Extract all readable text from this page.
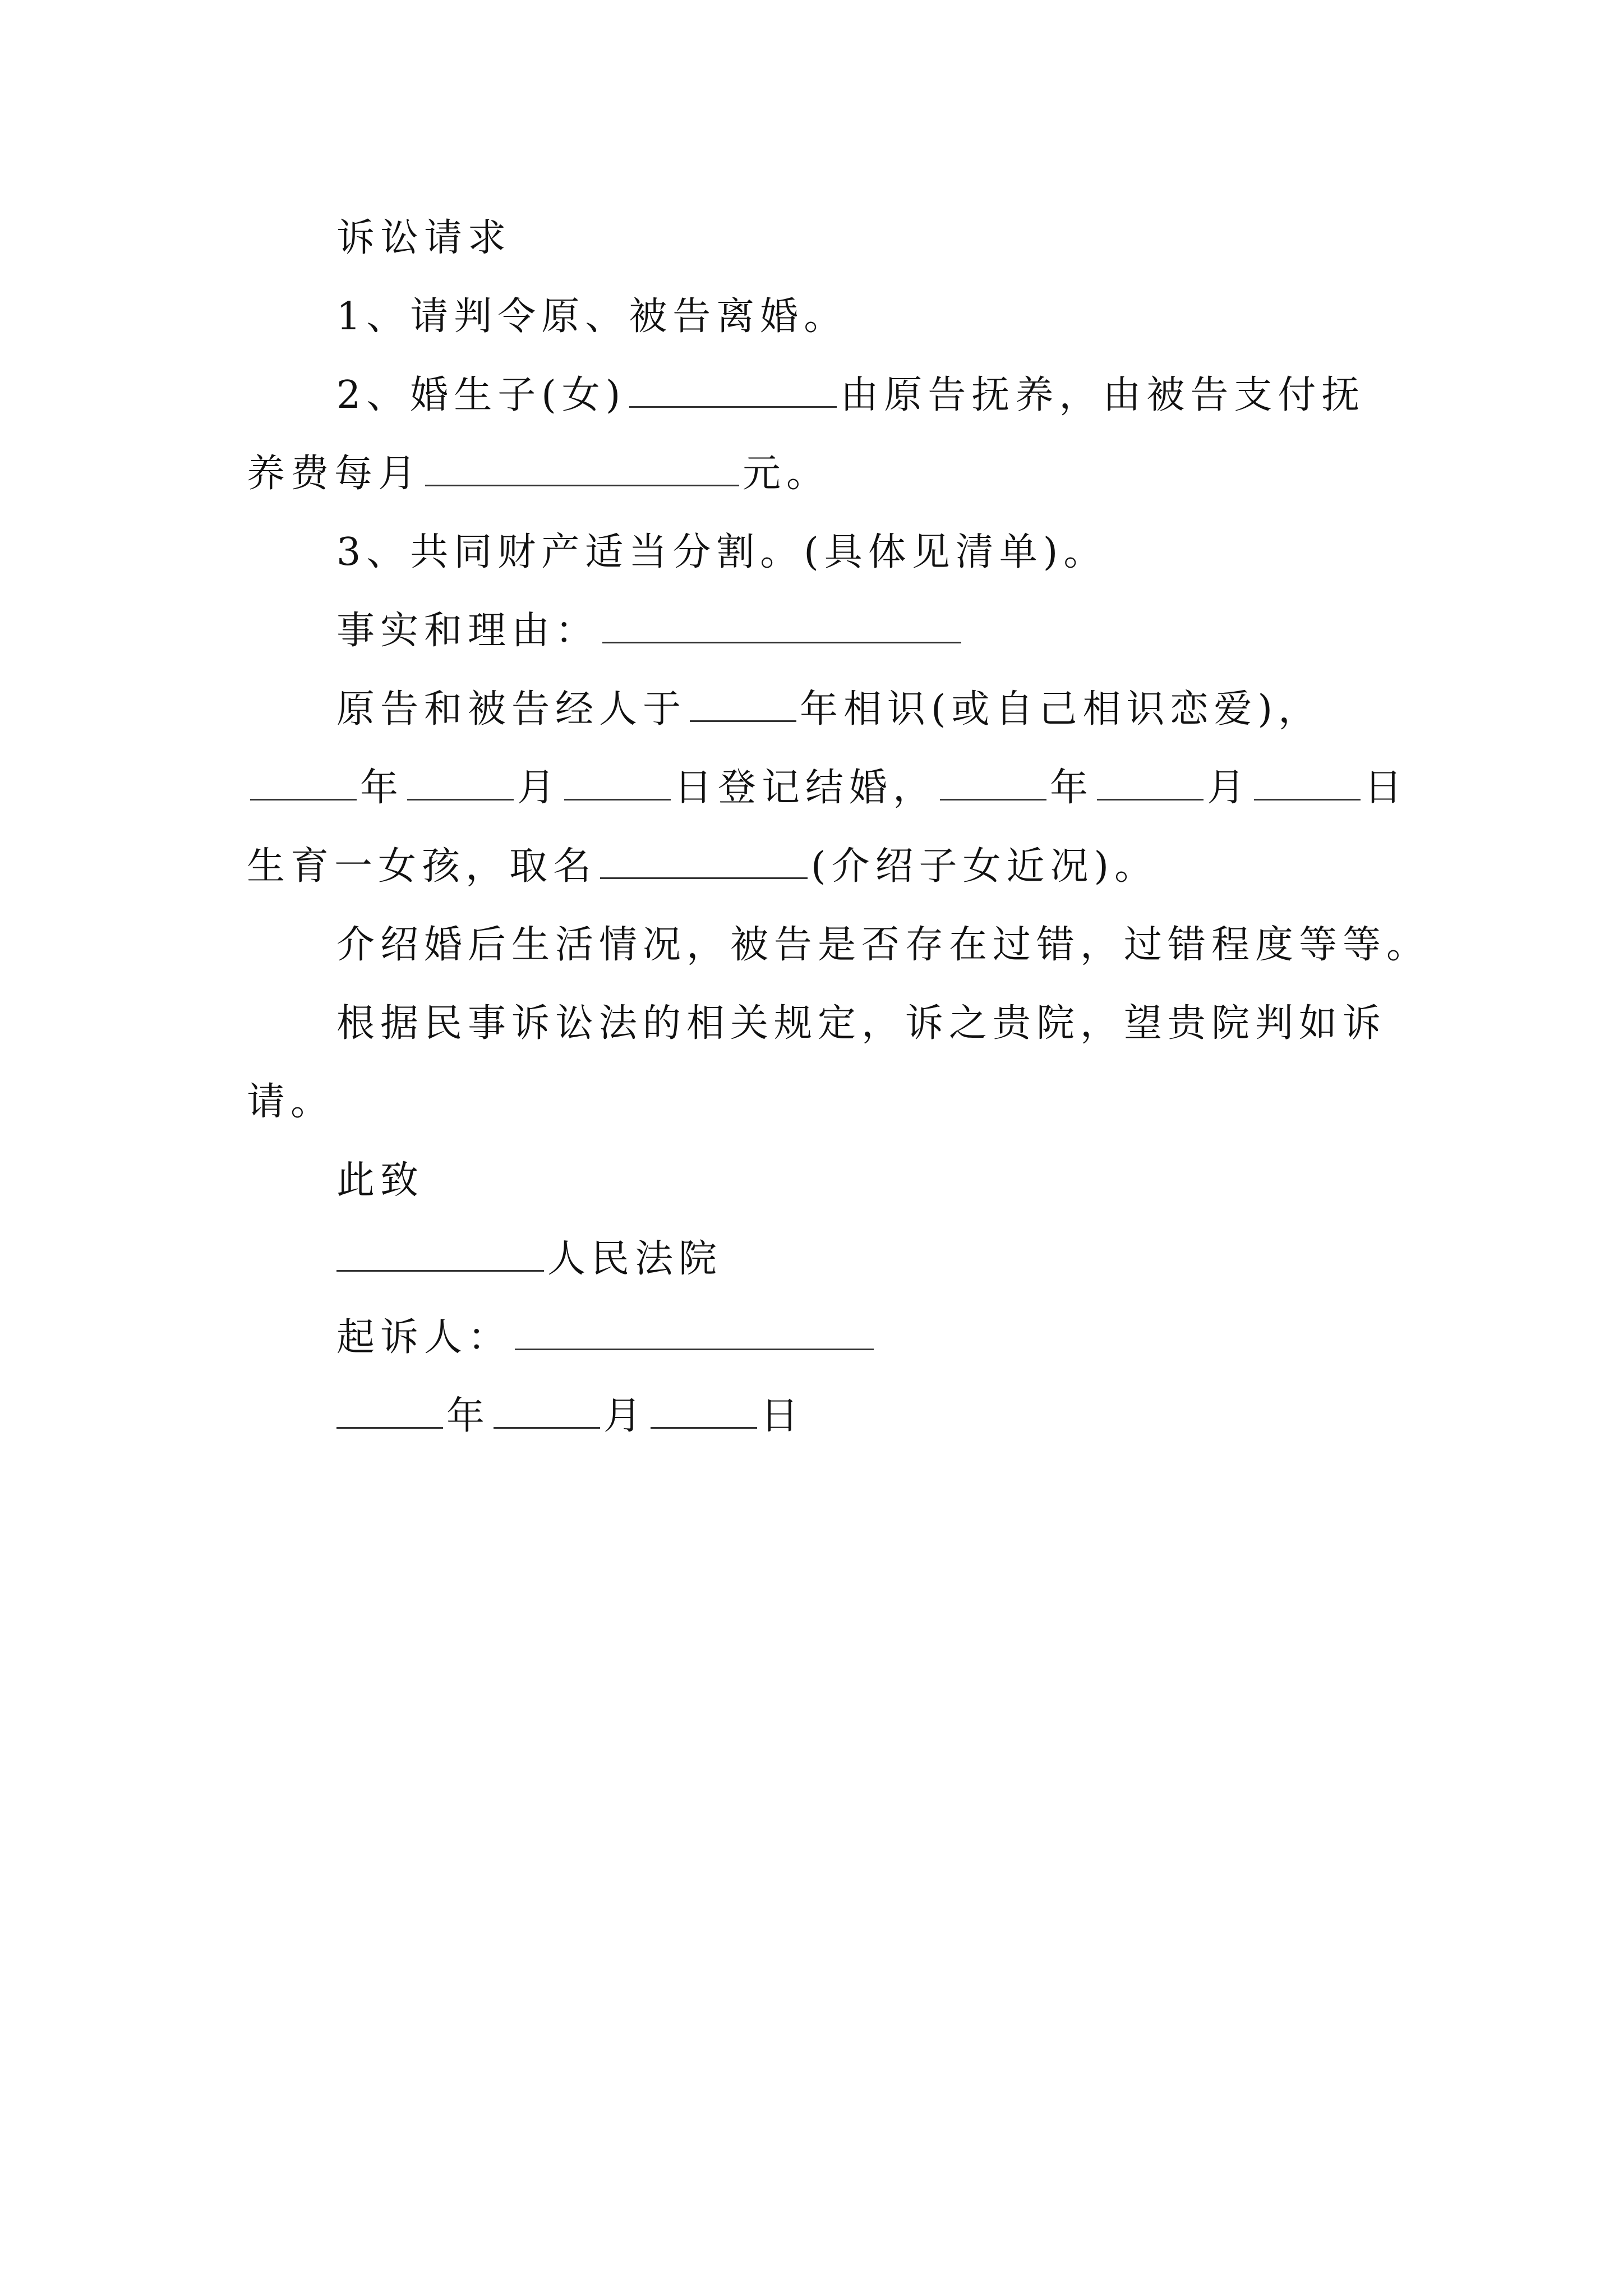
诉讼请求
1、请判令原、被告离婚。
2、婚生子(女)	由原告抚养，由被告支付抚
养费每月	元。
3、共同财产适当分割。(具体见清单)。
事实和理由：
原告和被告经人于	年相识(或自己相识恋爱)，
年	月	日登记结婚，	年	月	日
生育一女孩，取名	(介绍子女近况)。
介绍婚后生活情况，被告是否存在过错，过错程度等等。
根据民事诉讼法的相关规定，诉之贵院，望贵院判如诉
请。
此致
人民法院
起诉人：
年	月	日
